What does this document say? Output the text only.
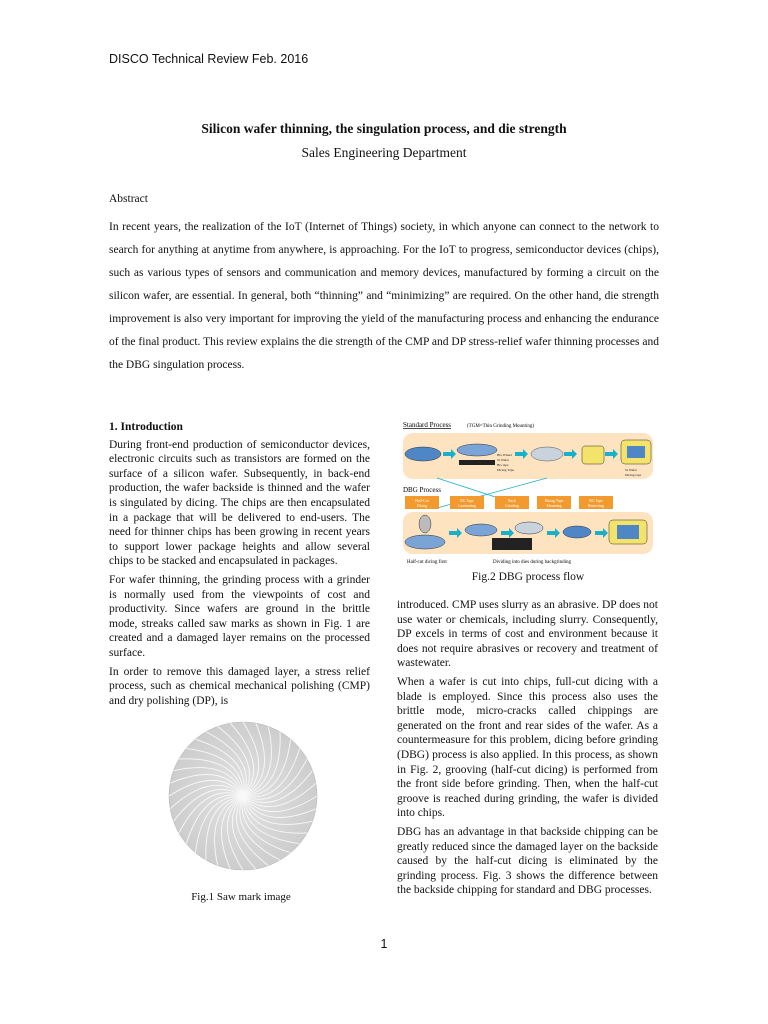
DISCO Technical Review Feb. 2016
Silicon wafer thinning, the singulation process, and die strength
Sales Engineering Department
Abstract

In recent years, the realization of the IoT (Internet of Things) society, in which anyone can connect to the network to search for anything at anytime from anywhere, is approaching. For the IoT to progress, semiconductor devices (chips), such as various types of sensors and communication and memory devices, manufactured by forming a circuit on the silicon wafer, are essential. In general, both “thinning” and “minimizing” are required. On the other hand, die strength improvement is also very important for improving the yield of the manufacturing process and enhancing the endurance of the final product. This review explains the die strength of the CMP and DP stress-relief wafer thinning processes and the DBG singulation process.

1. Introduction

During front-end production of semiconductor devices, electronic circuits such as transistors are formed on the surface of a silicon wafer. Subsequently, in back-end production, the wafer backside is thinned and the wafer is singulated by dicing. The chips are then encapsulated in a package that will be delivered to end-users. The need for thinner chips has been growing in recent years to support lower package heights and allow several chips to be stacked and encapsulated in packages.

For wafer thinning, the grinding process with a grinder is normally used from the viewpoints of cost and productivity. Since wafers are ground in the brittle mode, streaks called saw marks as shown in Fig. 1 are created and a damaged layer remains on the processed surface.

In order to remove this damaged layer, a stress relief process, such as chemical mechanical polishing (CMP) and dry polishing (DP), is

Fig.1 Saw mark image
Standard Process	(TGM=Thin Grinding Mounting)
BG Wheel
Si Wafer
BG tape
Dicing Tape	Si Wafer
Dicing tape
DBG Process
Half-Cut
Dicing
BG Tape
Laminating
Back
Grinding
Dicing Tape
Mounting
BG Tape
Removing
Half-cut dicing first	Dividing into dies during backgrinding
Fig.2 DBG process flow

introduced. CMP uses slurry as an abrasive. DP does not use water or chemicals, including slurry. Consequently, DP excels in terms of cost and environment because it does not require abrasives or recovery and treatment of wastewater.

When a wafer is cut into chips, full-cut dicing with a blade is employed. Since this process also uses the brittle mode, micro-cracks called chippings are generated on the front and rear sides of the wafer. As a countermeasure for this problem, dicing before grinding (DBG) process is also applied. In this process, as shown in Fig. 2, grooving (half-cut dicing) is performed from the front side before grinding. Then, when the half-cut groove is reached during grinding, the wafer is divided into chips.

DBG has an advantage in that backside chipping can be greatly reduced since the damaged layer on the backside caused by the half-cut dicing is eliminated by the grinding process. Fig. 3 shows the difference between the backside chipping for standard and DBG processes.

1
